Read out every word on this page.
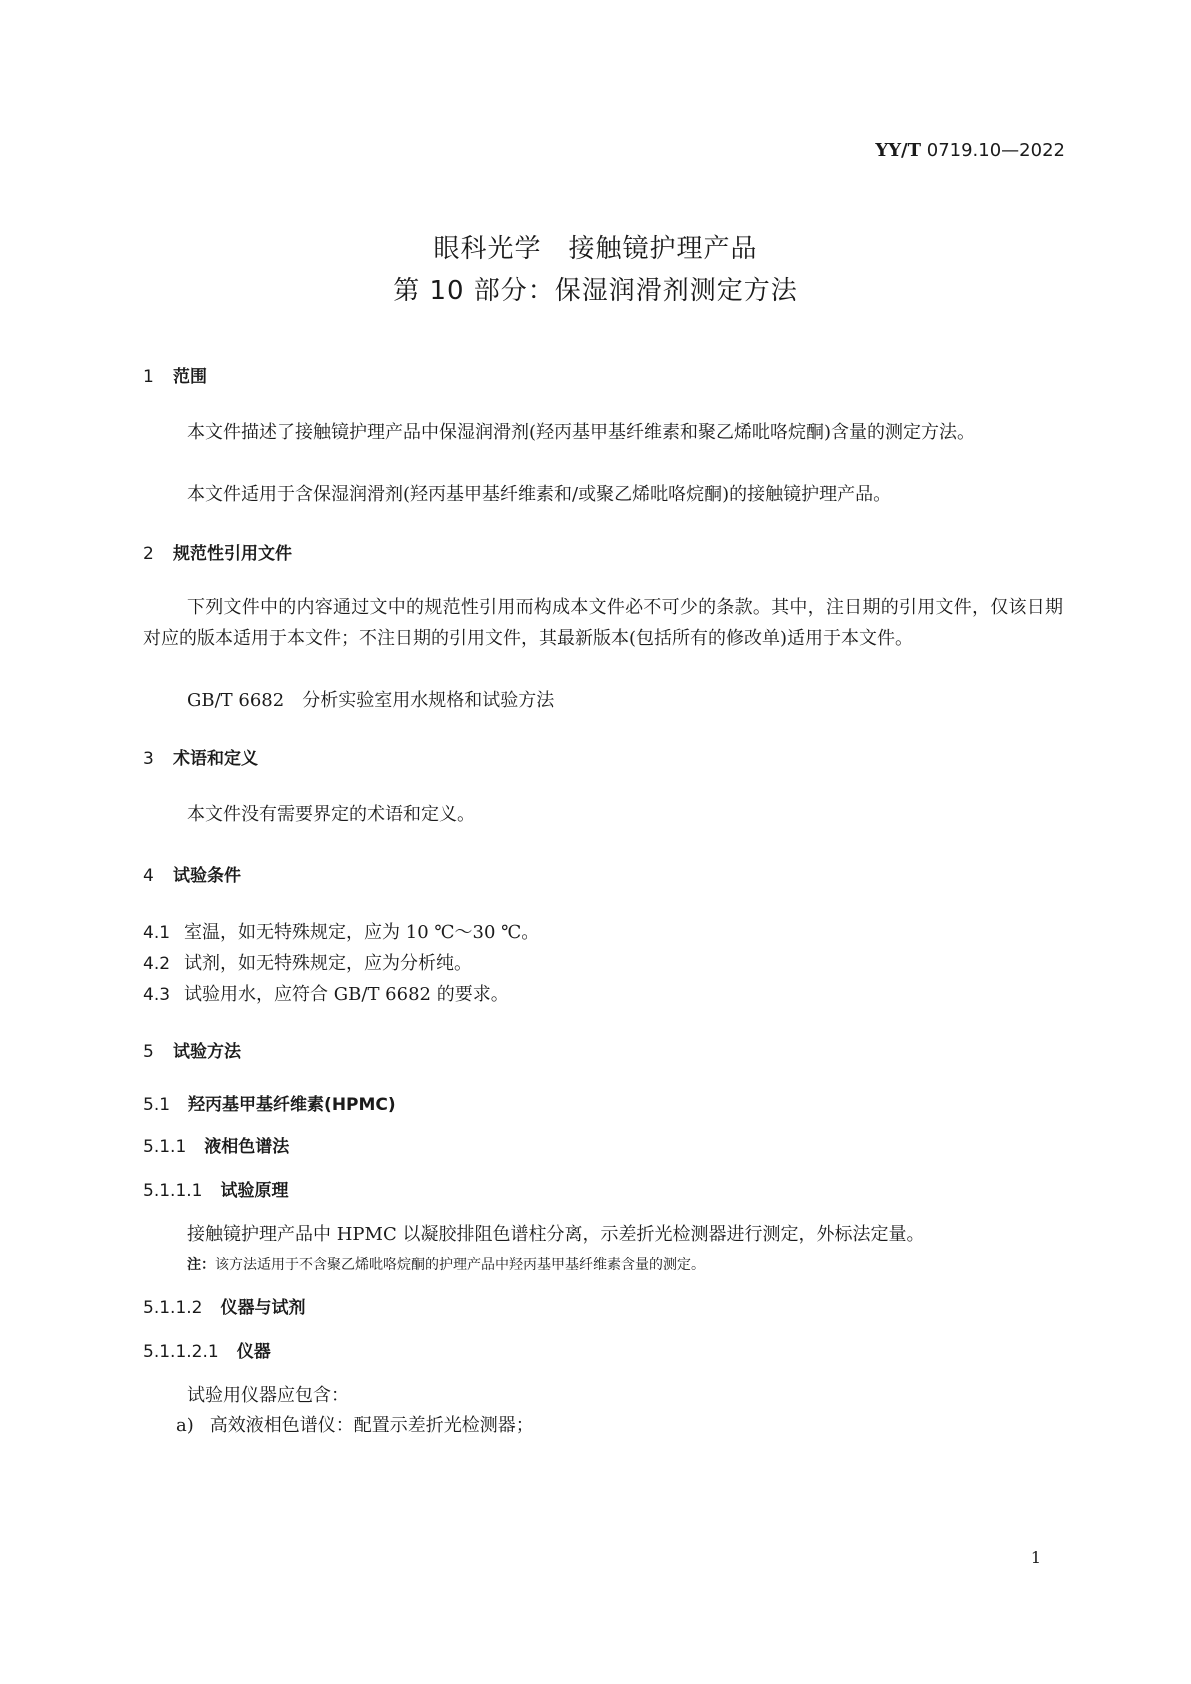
YY/T 0719.10—2022
眼科光学　接触镜护理产品
第 10 部分：保湿润滑剂测定方法
1 范围
本文件描述了接触镜护理产品中保湿润滑剂(羟丙基甲基纤维素和聚乙烯吡咯烷酮)含量的测定方法。
本文件适用于含保湿润滑剂(羟丙基甲基纤维素和/或聚乙烯吡咯烷酮)的接触镜护理产品。
2 规范性引用文件
下列文件中的内容通过文中的规范性引用而构成本文件必不可少的条款。其中，注日期的引用文件，仅该日期对应的版本适用于本文件；不注日期的引用文件，其最新版本(包括所有的修改单)适用于本文件。
GB/T 6682　分析实验室用水规格和试验方法
3 术语和定义
本文件没有需要界定的术语和定义。
4 试验条件
4.1 室温，如无特殊规定，应为 10 ℃～30 ℃。
4.2 试剂，如无特殊规定，应为分析纯。
4.3 试验用水，应符合 GB/T 6682 的要求。
5 试验方法
5.1 羟丙基甲基纤维素(HPMC)
5.1.1 液相色谱法
5.1.1.1 试验原理
接触镜护理产品中 HPMC 以凝胶排阻色谱柱分离，示差折光检测器进行测定，外标法定量。
注：该方法适用于不含聚乙烯吡咯烷酮的护理产品中羟丙基甲基纤维素含量的测定。
5.1.1.2 仪器与试剂
5.1.1.2.1 仪器
试验用仪器应包含：
a) 高效液相色谱仪：配置示差折光检测器；
1
